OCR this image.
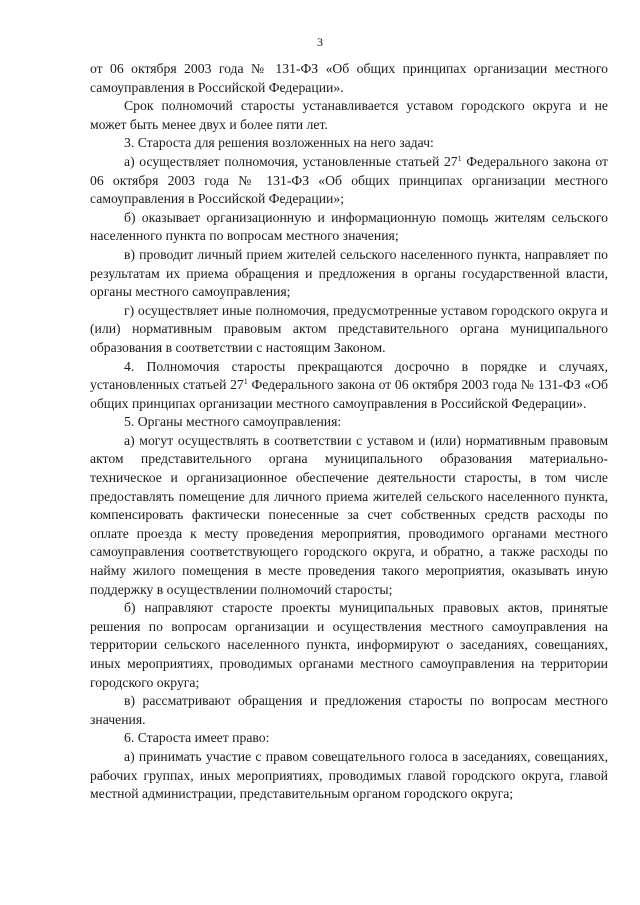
3

от 06 октября 2003 года № 131-ФЗ «Об общих принципах организации местного самоуправления в Российской Федерации».

Срок полномочий старосты устанавливается уставом городского округа и не может быть менее двух и более пяти лет.

3. Староста для решения возложенных на него задач:

а) осуществляет полномочия, установленные статьей $27^1$ Федерального закона от 06 октября 2003 года № 131-ФЗ «Об общих принципах организации местного самоуправления в Российской Федерации»;

б) оказывает организационную и информационную помощь жителям сельского населенного пункта по вопросам местного значения;

в) проводит личный прием жителей сельского населенного пункта, направляет по результатам их приема обращения и предложения в органы государственной власти, органы местного самоуправления;

г) осуществляет иные полномочия, предусмотренные уставом городского округа и (или) нормативным правовым актом представительного органа муниципального образования в соответствии с настоящим Законом.

4. Полномочия старосты прекращаются досрочно в порядке и случаях, установленных статьей $27^1$ Федерального закона от 06 октября 2003 года № 131-ФЗ «Об общих принципах организации местного самоуправления в Российской Федерации».

5. Органы местного самоуправления:

а) могут осуществлять в соответствии с уставом и (или) нормативным правовым актом представительного органа муниципального образования материально-техническое и организационное обеспечение деятельности старосты, в том числе предоставлять помещение для личного приема жителей сельского населенного пункта, компенсировать фактически понесенные за счет собственных средств расходы по оплате проезда к месту проведения мероприятия, проводимого органами местного самоуправления соответствующего городского округа, и обратно, а также расходы по найму жилого помещения в месте проведения такого мероприятия, оказывать иную поддержку в осуществлении полномочий старосты;

б) направляют старосте проекты муниципальных правовых актов, принятые решения по вопросам организации и осуществления местного самоуправления на территории сельского населенного пункта, информируют о заседаниях, совещаниях, иных мероприятиях, проводимых органами местного самоуправления на территории городского округа;

в) рассматривают обращения и предложения старосты по вопросам местного значения.

6. Староста имеет право:

а) принимать участие с правом совещательного голоса в заседаниях, совещаниях, рабочих группах, иных мероприятиях, проводимых главой городского округа, главой местной администрации, представительным органом городского округа;
